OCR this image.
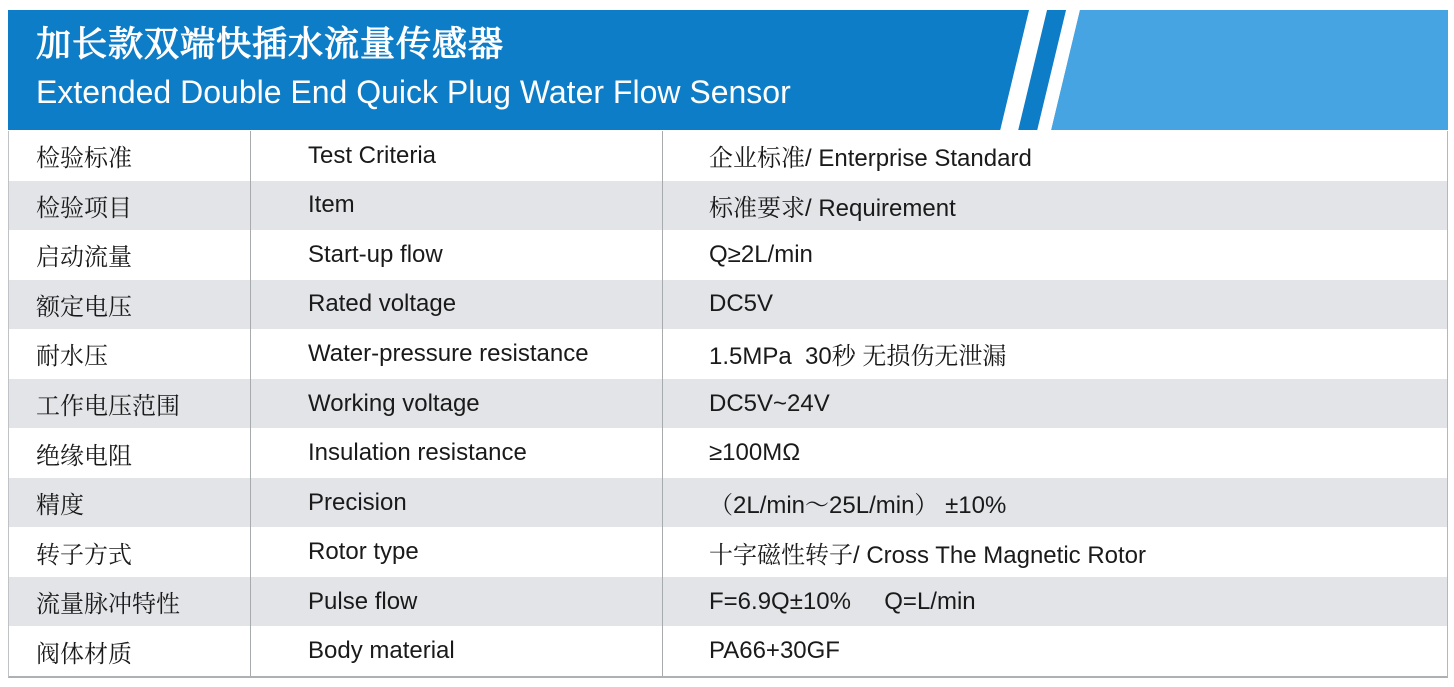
加长款双端快插水流量传感器
Extended Double End Quick Plug Water Flow Sensor
检验标准	Test Criteria	企业标准/ Enterprise Standard
检验项目	Item	标准要求/ Requirement
启动流量	Start-up flow	Q≥2L/min
额定电压	Rated voltage	DC5V
耐水压	Water-pressure resistance	1.5MPa  30秒 无损伤无泄漏
工作电压范围	Working voltage	DC5V~24V
绝缘电阻	Insulation resistance	≥100MΩ
精度	Precision	（2L/min～25L/min） ±10%
转子方式	Rotor type	十字磁性转子/ Cross The Magnetic Rotor
流量脉冲特性	Pulse flow	F=6.9Q±10%     Q=L/min
阀体材质	Body material	PA66+30GF
